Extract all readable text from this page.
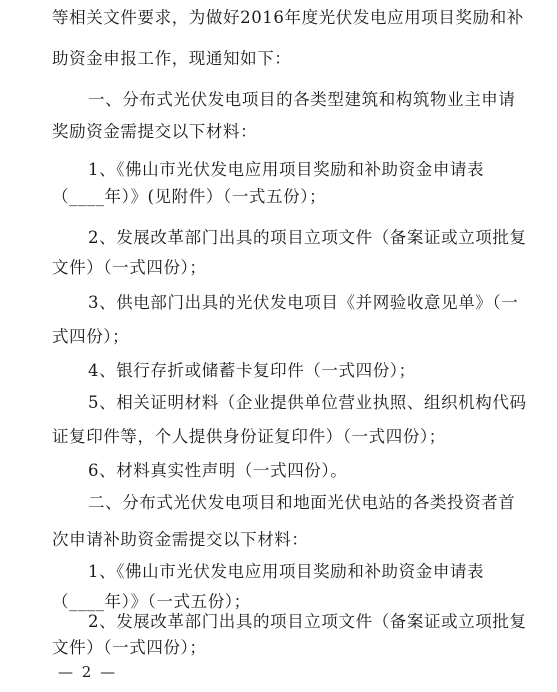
等相关文件要求，为做好2016年度光伏发电应用项目奖励和补
助资金申报工作，现通知如下：
一、分布式光伏发电项目的各类型建筑和构筑物业主申请
奖励资金需提交以下材料：
1、《佛山市光伏发电应用项目奖励和补助资金申请表
（____年）》(见附件）（一式五份）；
2、发展改革部门出具的项目立项文件（备案证或立项批复
文件）（一式四份）；
3、供电部门出具的光伏发电项目《并网验收意见单》（一
式四份）；
4、银行存折或储蓄卡复印件（一式四份）；
5、相关证明材料（企业提供单位营业执照、组织机构代码
证复印件等，个人提供身份证复印件）（一式四份）；
6、材料真实性声明（一式四份）。
二、分布式光伏发电项目和地面光伏电站的各类投资者首
次申请补助资金需提交以下材料：
1、《佛山市光伏发电应用项目奖励和补助资金申请表
（____年）》（一式五份）；
2、发展改革部门出具的项目立项文件（备案证或立项批复
文件）（一式四份）；
— 2 —
